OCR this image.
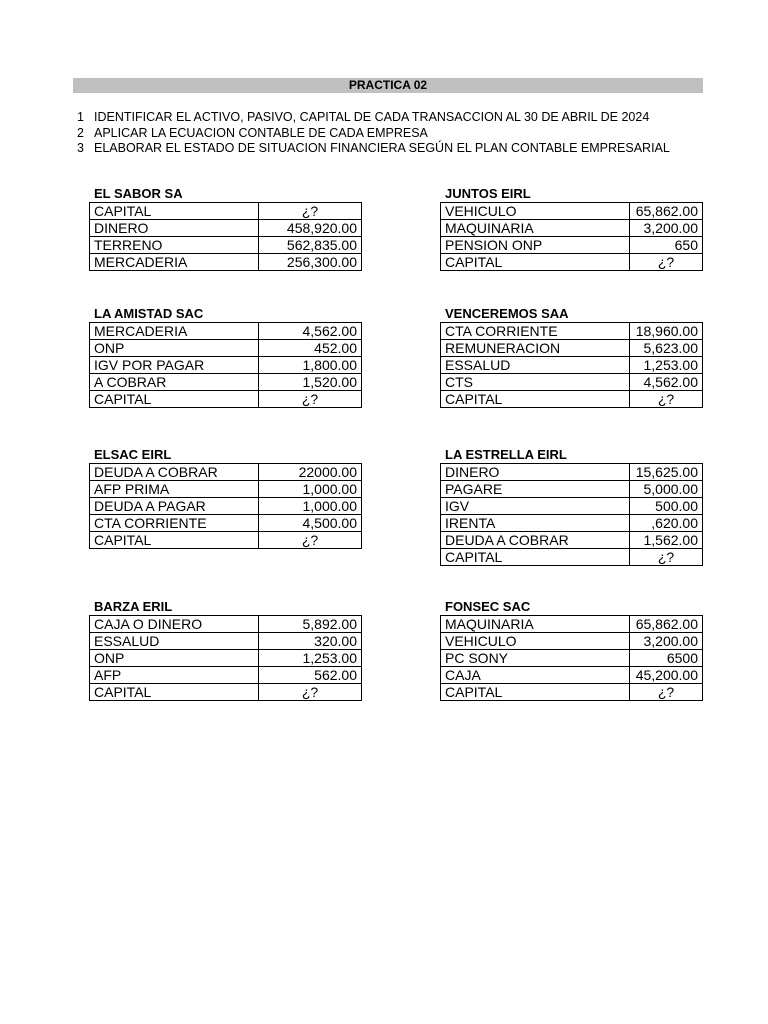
PRACTICA 02
1 IDENTIFICAR EL ACTIVO, PASIVO, CAPITAL DE CADA TRANSACCION AL 30 DE ABRIL DE 2024
2 APLICAR LA ECUACION CONTABLE DE CADA EMPRESA
3 ELABORAR EL ESTADO DE SITUACION FINANCIERA SEGÚN EL PLAN CONTABLE EMPRESARIAL
EL SABOR SA
CAPITAL	¿?
DINERO	458,920.00
TERRENO	562,835.00
MERCADERIA	256,300.00
JUNTOS EIRL
VEHICULO	65,862.00
MAQUINARIA	3,200.00
PENSION ONP	650
CAPITAL	¿?
LA AMISTAD SAC
MERCADERIA	4,562.00
ONP	452.00
IGV POR PAGAR	1,800.00
A COBRAR	1,520.00
CAPITAL	¿?
VENCEREMOS SAA
CTA CORRIENTE	18,960.00
REMUNERACION	5,623.00
ESSALUD	1,253.00
CTS	4,562.00
CAPITAL	¿?
ELSAC EIRL
DEUDA A COBRAR	22000.00
AFP PRIMA	1,000.00
DEUDA A PAGAR	1,000.00
CTA CORRIENTE	4,500.00
CAPITAL	¿?
LA ESTRELLA EIRL
DINERO	15,625.00
PAGARE	5,000.00
IGV	500.00
IRENTA	,620.00
DEUDA A COBRAR	1,562.00
CAPITAL	¿?
BARZA ERIL
CAJA O DINERO	5,892.00
ESSALUD	320.00
ONP	1,253.00
AFP	562.00
CAPITAL	¿?
FONSEC SAC
MAQUINARIA	65,862.00
VEHICULO	3,200.00
PC SONY	6500
CAJA	45,200.00
CAPITAL	¿?
